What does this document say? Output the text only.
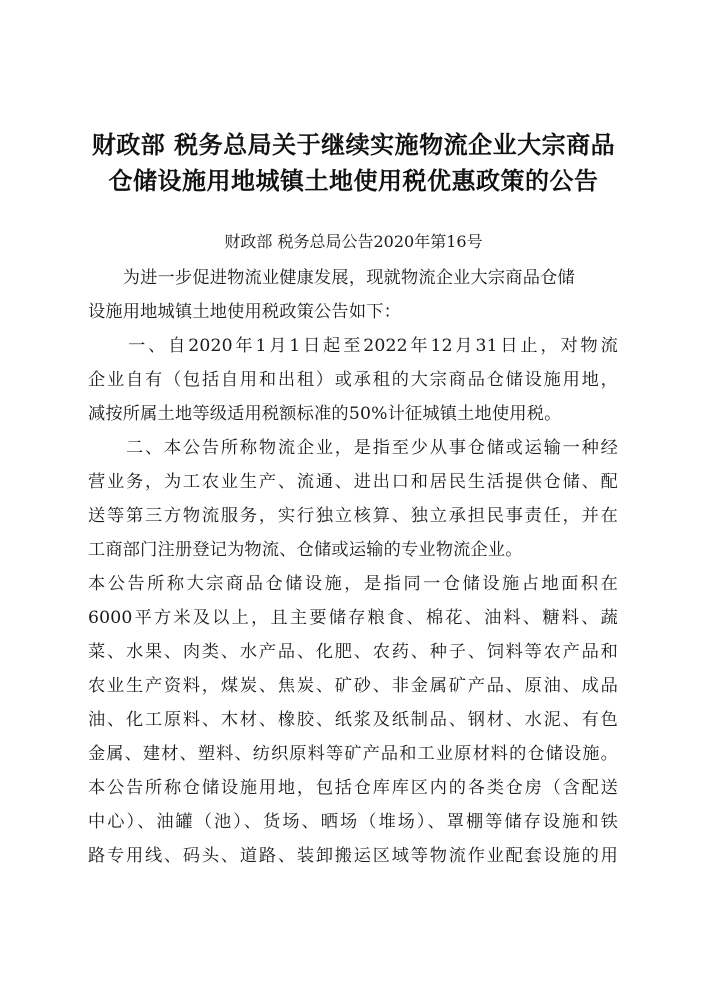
财政部 税务总局关于继续实施物流企业大宗商品
仓储设施用地城镇土地使用税优惠政策的公告
财政部 税务总局公告2020年第16号
　　为进一步促进物流业健康发展，现就物流企业大宗商品仓储
设施用地城镇土地使用税政策公告如下：
　　一、自2020年1月1日起至2022年12月31日止，对物流
企业自有（包括自用和出租）或承租的大宗商品仓储设施用地，
减按所属土地等级适用税额标准的50%计征城镇土地使用税。
　　二、本公告所称物流企业，是指至少从事仓储或运输一种经
营业务，为工农业生产、流通、进出口和居民生活提供仓储、配
送等第三方物流服务，实行独立核算、独立承担民事责任，并在
工商部门注册登记为物流、仓储或运输的专业物流企业。
本公告所称大宗商品仓储设施，是指同一仓储设施占地面积在
6000平方米及以上，且主要储存粮食、棉花、油料、糖料、蔬
菜、水果、肉类、水产品、化肥、农药、种子、饲料等农产品和
农业生产资料，煤炭、焦炭、矿砂、非金属矿产品、原油、成品
油、化工原料、木材、橡胶、纸浆及纸制品、钢材、水泥、有色
金属、建材、塑料、纺织原料等矿产品和工业原材料的仓储设施。
本公告所称仓储设施用地，包括仓库库区内的各类仓房（含配送
中心）、油罐（池）、货场、晒场（堆场）、罩棚等储存设施和铁
路专用线、码头、道路、装卸搬运区域等物流作业配套设施的用
